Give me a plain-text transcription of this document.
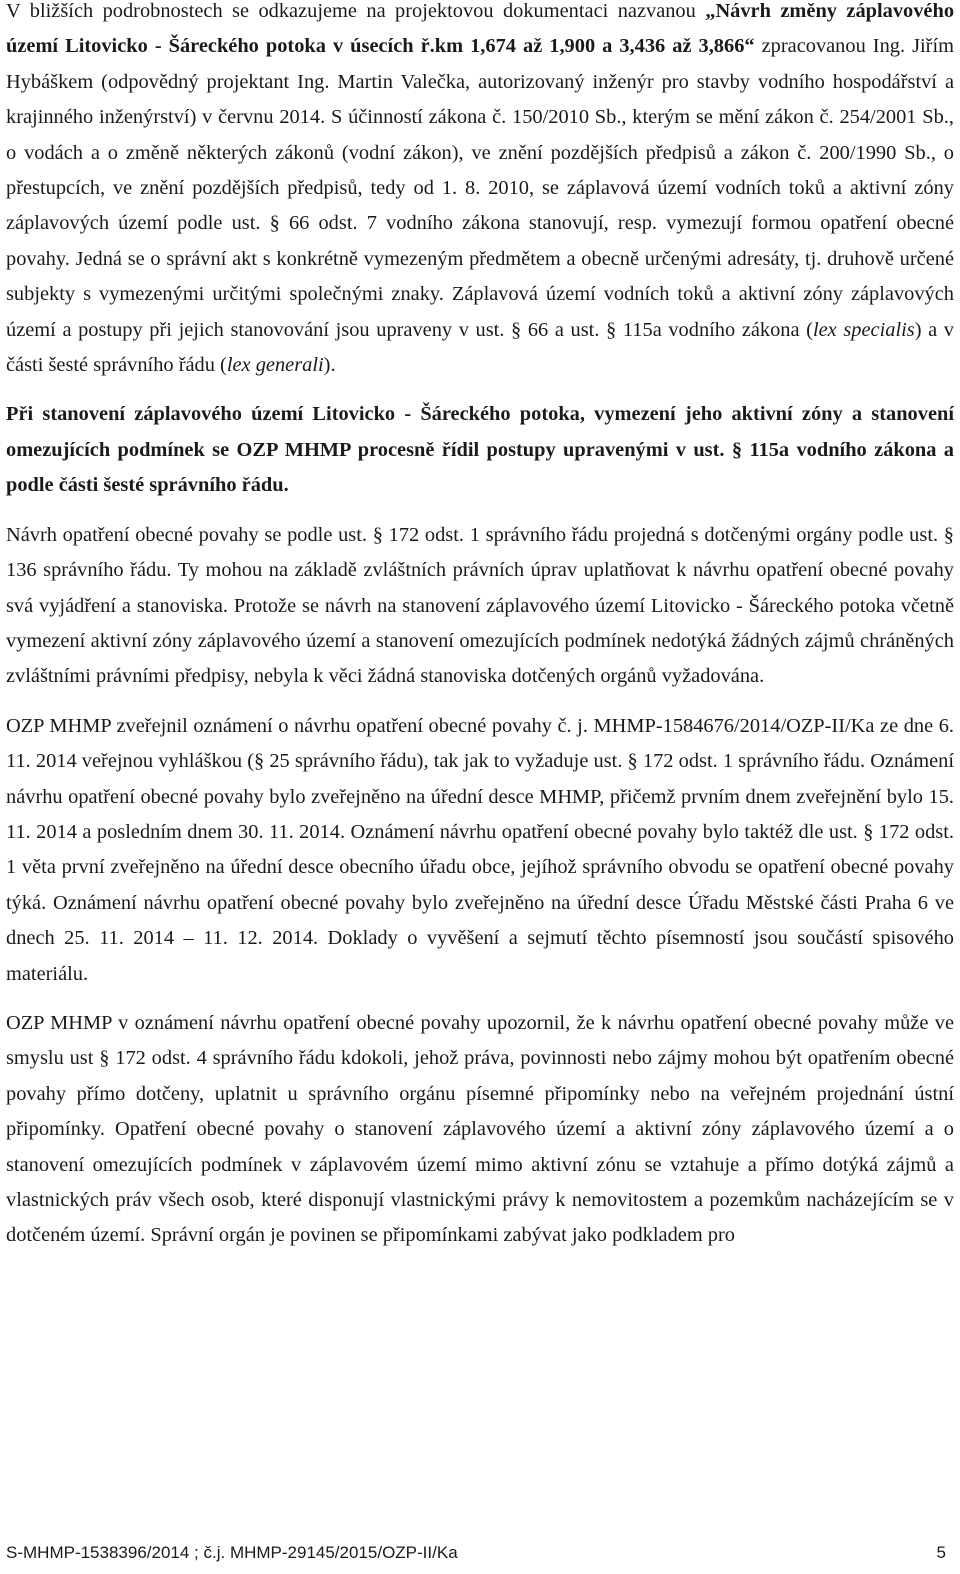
V bližších podrobnostech se odkazujeme na projektovou dokumentaci nazvanou „Návrh změny záplavového území Litovicko - Šáreckého potoka v úsecích ř.km 1,674 až 1,900 a 3,436 až 3,866“ zpracovanou Ing. Jiřím Hybáškem (odpovědný projektant Ing. Martin Valečka, autorizovaný inženýr pro stavby vodního hospodářství a krajinného inženýrství) v červnu 2014. S účinností zákona č. 150/2010 Sb., kterým se mění zákon č. 254/2001 Sb., o vodách a o změně některých zákonů (vodní zákon), ve znění pozdějších předpisů a zákon č. 200/1990 Sb., o přestupcích, ve znění pozdějších předpisů, tedy od 1. 8. 2010, se záplavová území vodních toků a aktivní zóny záplavových území podle ust. § 66 odst. 7 vodního zákona stanovují, resp. vymezují formou opatření obecné povahy. Jedná se o správní akt s konkrétně vymezeným předmětem a obecně určenými adresáty, tj. druhově určené subjekty s vymezenými určitými společnými znaky. Záplavová území vodních toků a aktivní zóny záplavových území a postupy při jejich stanovování jsou upraveny v ust. § 66 a ust. § 115a vodního zákona (lex specialis) a v části šesté správního řádu (lex generali).

Při stanovení záplavového území Litovicko - Šáreckého potoka, vymezení jeho aktivní zóny a stanovení omezujících podmínek se OZP MHMP procesně řídil postupy upravenými v ust. § 115a vodního zákona a podle části šesté správního řádu.

Návrh opatření obecné povahy se podle ust. § 172 odst. 1 správního řádu projedná s dotčenými orgány podle ust. § 136 správního řádu. Ty mohou na základě zvláštních právních úprav uplatňovat k návrhu opatření obecné povahy svá vyjádření a stanoviska. Protože se návrh na stanovení záplavového území Litovicko - Šáreckého potoka včetně vymezení aktivní zóny záplavového území a stanovení omezujících podmínek nedotýká žádných zájmů chráněných zvláštními právními předpisy, nebyla k věci žádná stanoviska dotčených orgánů vyžadována.

OZP MHMP zveřejnil oznámení o návrhu opatření obecné povahy č. j. MHMP-1584676/2014/OZP-II/Ka ze dne 6. 11. 2014 veřejnou vyhláškou (§ 25 správního řádu), tak jak to vyžaduje ust. § 172 odst. 1 správního řádu. Oznámení návrhu opatření obecné povahy bylo zveřejněno na úřední desce MHMP, přičemž prvním dnem zveřejnění bylo 15. 11. 2014 a posledním dnem 30. 11. 2014. Oznámení návrhu opatření obecné povahy bylo taktéž dle ust. § 172 odst. 1 věta první zveřejněno na úřední desce obecního úřadu obce, jejíhož správního obvodu se opatření obecné povahy týká. Oznámení návrhu opatření obecné povahy bylo zveřejněno na úřední desce Úřadu Městské části Praha 6 ve dnech 25. 11. 2014 – 11. 12. 2014. Doklady o vyvěšení a sejmutí těchto písemností jsou součástí spisového materiálu.

OZP MHMP v oznámení návrhu opatření obecné povahy upozornil, že k návrhu opatření obecné povahy může ve smyslu ust § 172 odst. 4 správního řádu kdokoli, jehož práva, povinnosti nebo zájmy mohou být opatřením obecné povahy přímo dotčeny, uplatnit u správního orgánu písemné připomínky nebo na veřejném projednání ústní připomínky. Opatření obecné povahy o stanovení záplavového území a aktivní zóny záplavového území a o stanovení omezujících podmínek v záplavovém území mimo aktivní zónu se vztahuje a přímo dotýká zájmů a vlastnických práv všech osob, které disponují vlastnickými právy k nemovitostem a pozemkům nacházejícím se v dotčeném území. Správní orgán je povinen se připomínkami zabývat jako podkladem pro

S-MHMP-1538396/2014 ; č.j. MHMP-29145/2015/OZP-II/Ka	5
